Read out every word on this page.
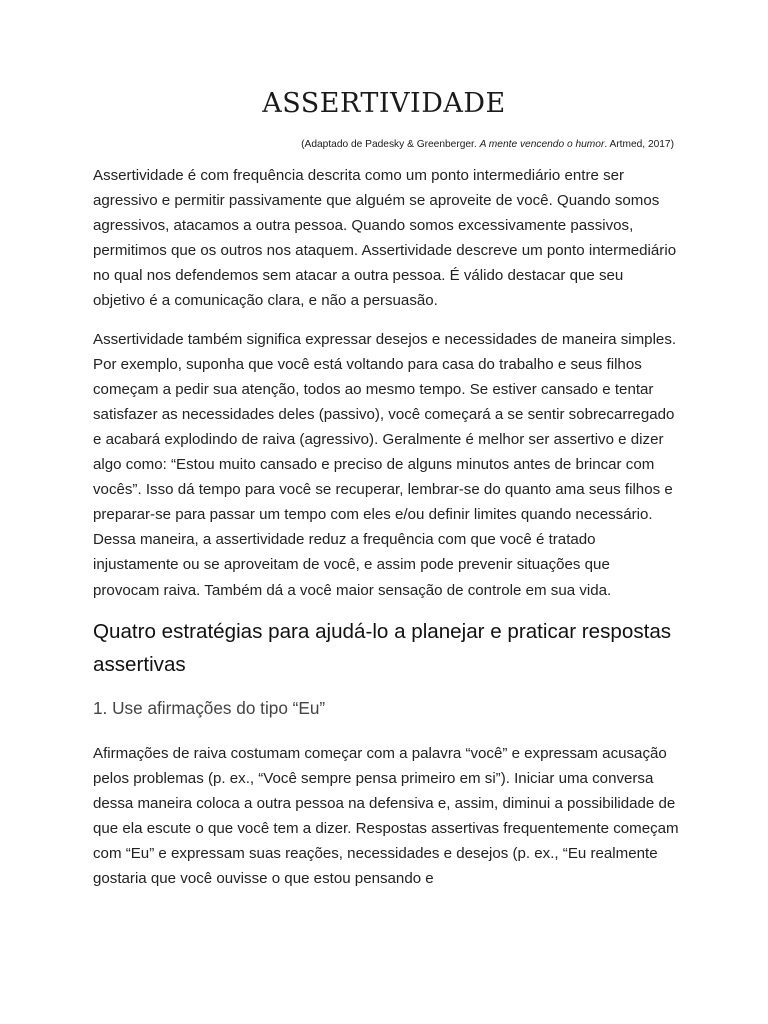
ASSERTIVIDADE
(Adaptado de Padesky & Greenberger. A mente vencendo o humor. Artmed, 2017)

Assertividade é com frequência descrita como um ponto intermediário entre ser agressivo e permitir passivamente que alguém se aproveite de você. Quando somos agressivos, atacamos a outra pessoa. Quando somos excessivamente passivos, permitimos que os outros nos ataquem. Assertividade descreve um ponto intermediário no qual nos defendemos sem atacar a outra pessoa. É válido destacar que seu objetivo é a comunicação clara, e não a persuasão.

Assertividade também significa expressar desejos e necessidades de maneira simples. Por exemplo, suponha que você está voltando para casa do trabalho e seus filhos começam a pedir sua atenção, todos ao mesmo tempo. Se estiver cansado e tentar satisfazer as necessidades deles (passivo), você começará a se sentir sobrecarregado e acabará explodindo de raiva (agressivo). Geralmente é melhor ser assertivo e dizer algo como: “Estou muito cansado e preciso de alguns minutos antes de brincar com vocês”. Isso dá tempo para você se recuperar, lembrar-se do quanto ama seus filhos e preparar-se para passar um tempo com eles e/ou definir limites quando necessário. Dessa maneira, a assertividade reduz a frequência com que você é tratado injustamente ou se aproveitam de você, e assim pode prevenir situações que provocam raiva. Também dá a você maior sensação de controle em sua vida.

Quatro estratégias para ajudá-lo a planejar e praticar respostas assertivas
1. Use afirmações do tipo “Eu”

Afirmações de raiva costumam começar com a palavra “você” e expressam acusação pelos problemas (p. ex., “Você sempre pensa primeiro em si”). Iniciar uma conversa dessa maneira coloca a outra pessoa na defensiva e, assim, diminui a possibilidade de que ela escute o que você tem a dizer. Respostas assertivas frequentemente começam com “Eu” e expressam suas reações, necessidades e desejos (p. ex., “Eu realmente gostaria que você ouvisse o que estou pensando e
